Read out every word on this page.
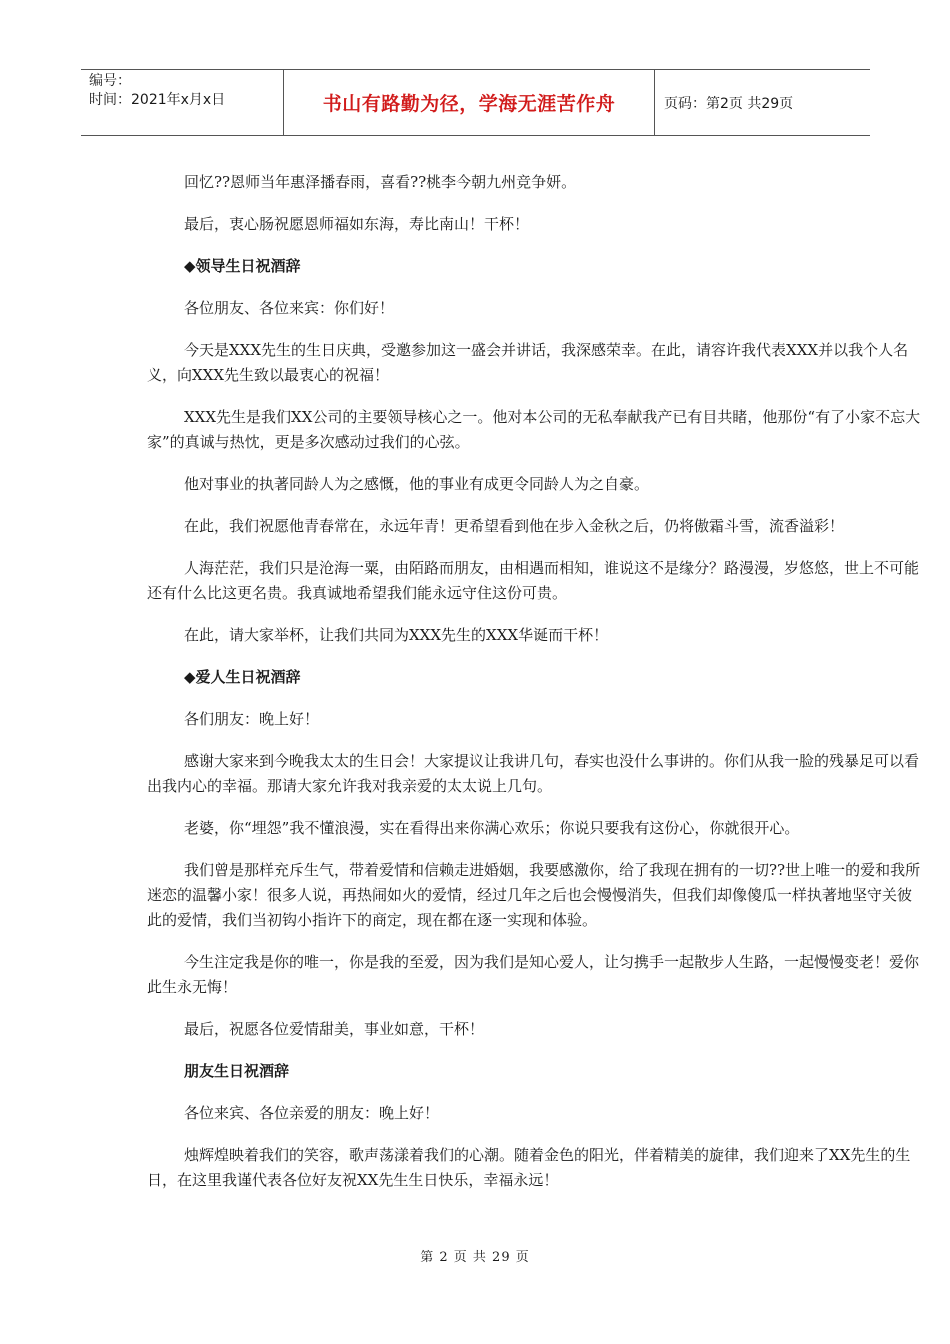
编号：
时间：2021年x月x日	书山有路勤为径，学海无涯苦作舟	页码：第2页 共29页

回忆??恩师当年惠泽播春雨，喜看??桃李今朝九州竞争妍。

最后，衷心肠祝愿恩师福如东海，寿比南山！干杯！

◆领导生日祝酒辞

各位朋友、各位来宾：你们好！

今天是XXX先生的生日庆典，受邀参加这一盛会并讲话，我深感荣幸。在此，请容许我代表XXX并以我个人名义，向XXX先生致以最衷心的祝福！

XXX先生是我们XX公司的主要领导核心之一。他对本公司的无私奉献我产已有目共睹，他那份“有了小家不忘大家”的真诚与热忱，更是多次感动过我们的心弦。

他对事业的执著同龄人为之感慨，他的事业有成更令同龄人为之自豪。

在此，我们祝愿他青春常在，永远年青！更希望看到他在步入金秋之后，仍将傲霜斗雪，流香溢彩！

人海茫茫，我们只是沧海一粟，由陌路而朋友，由相遇而相知，谁说这不是缘分？路漫漫，岁悠悠，世上不可能还有什么比这更名贵。我真诚地希望我们能永远守住这份可贵。

在此，请大家举杯，让我们共同为XXX先生的XXX华诞而干杯！

◆爱人生日祝酒辞

各们朋友：晚上好！

感谢大家来到今晚我太太的生日会！大家提议让我讲几句，春实也没什么事讲的。你们从我一脸的残暴足可以看出我内心的幸福。那请大家允许我对我亲爱的太太说上几句。

老婆，你“埋怨”我不懂浪漫，实在看得出来你满心欢乐；你说只要我有这份心，你就很开心。

我们曾是那样充斥生气，带着爱情和信赖走进婚姻，我要感激你，给了我现在拥有的一切??世上唯一的爱和我所迷恋的温馨小家！很多人说，再热闹如火的爱情，经过几年之后也会慢慢消失，但我们却像傻瓜一样执著地坚守关彼此的爱情，我们当初钩小指许下的商定，现在都在逐一实现和体验。

今生注定我是你的唯一，你是我的至爱，因为我们是知心爱人，让匀携手一起散步人生路，一起慢慢变老！爱你此生永无悔！

最后，祝愿各位爱情甜美，事业如意，干杯！

朋友生日祝酒辞

各位来宾、各位亲爱的朋友：晚上好！

烛辉煌映着我们的笑容，歌声荡漾着我们的心潮。随着金色的阳光，伴着精美的旋律，我们迎来了XX先生的生日，在这里我谨代表各位好友祝XX先生生日快乐，幸福永远！

第 2 页 共 29 页
